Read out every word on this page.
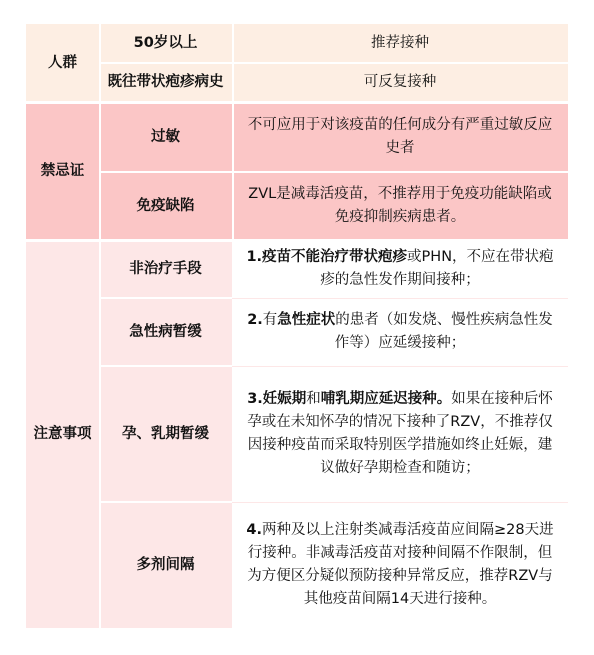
人群
50岁以上	推荐接种
既往带状疱疹病史	可反复接种
禁忌证
过敏
不可应用于对该疫苗的任何成分有严重过敏反应史者
免疫缺陷
ZVL是减毒活疫苗，不推荐用于免疫功能缺陷或免疫抑制疾病患者。
注意事项
非治疗手段
1.疫苗不能治疗带状疱疹或PHN，不应在带状疱疹的急性发作期间接种；
急性病暂缓
2.有急性症状的患者（如发烧、慢性疾病急性发作等）应延缓接种；
孕、乳期暂缓
3.妊娠期和哺乳期应延迟接种。如果在接种后怀孕或在未知怀孕的情况下接种了RZV，不推荐仅因接种疫苗而采取特别医学措施如终止妊娠，建议做好孕期检查和随访；
多剂间隔
4.两种及以上注射类减毒活疫苗应间隔≥28天进行接种。非减毒活疫苗对接种间隔不作限制，但为方便区分疑似预防接种异常反应，推荐RZV与其他疫苗间隔14天进行接种。
